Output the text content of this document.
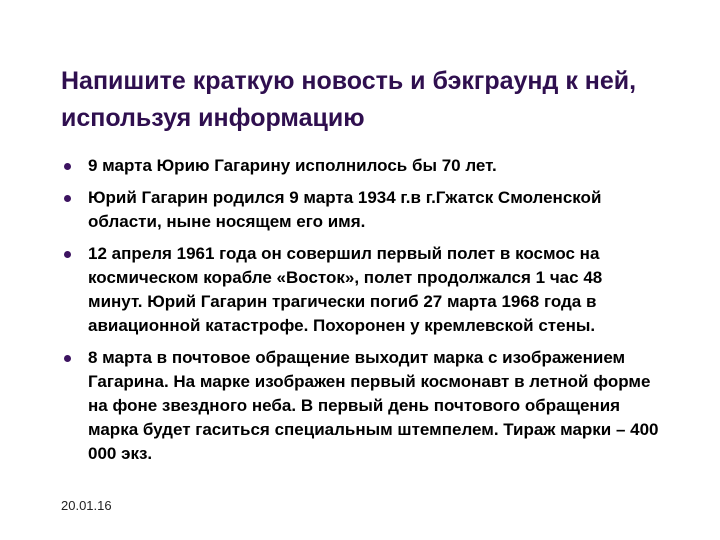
Напишите краткую новость и бэкграунд к ней, используя информацию
9 марта Юрию Гагарину исполнилось бы 70 лет.
Юрий Гагарин родился 9 марта 1934 г.в г.Гжатск Смоленской области, ныне носящем его имя.
12 апреля 1961 года он совершил первый полет в космос на космическом корабле «Восток», полет продолжался 1 час 48 минут. Юрий Гагарин трагически погиб 27 марта 1968 года в авиационной катастрофе. Похоронен у кремлевской стены.
8 марта в почтовое обращение выходит марка с изображением Гагарина. На марке изображен первый космонавт в летной форме на фоне звездного неба. В первый день почтового обращения марка будет гаситься специальным штемпелем. Тираж марки – 400 000 экз.
20.01.16
